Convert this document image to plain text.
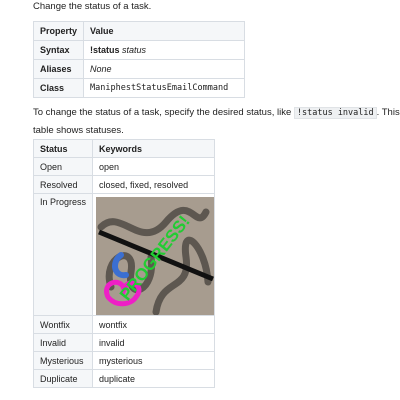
Change the status of a task.

Property	Value
Syntax	!status status
Aliases	None
Class	ManiphestStatusEmailCommand

To change the status of a task, specify the desired status, like !status invalid . This table shows statuses.

Status	Keywords
Open	open
Resolved	closed, fixed, resolved
In Progress	PROGRESS!

Wontfix	wontfix
Invalid	invalid
Mysterious	mysterious
Duplicate	duplicate
